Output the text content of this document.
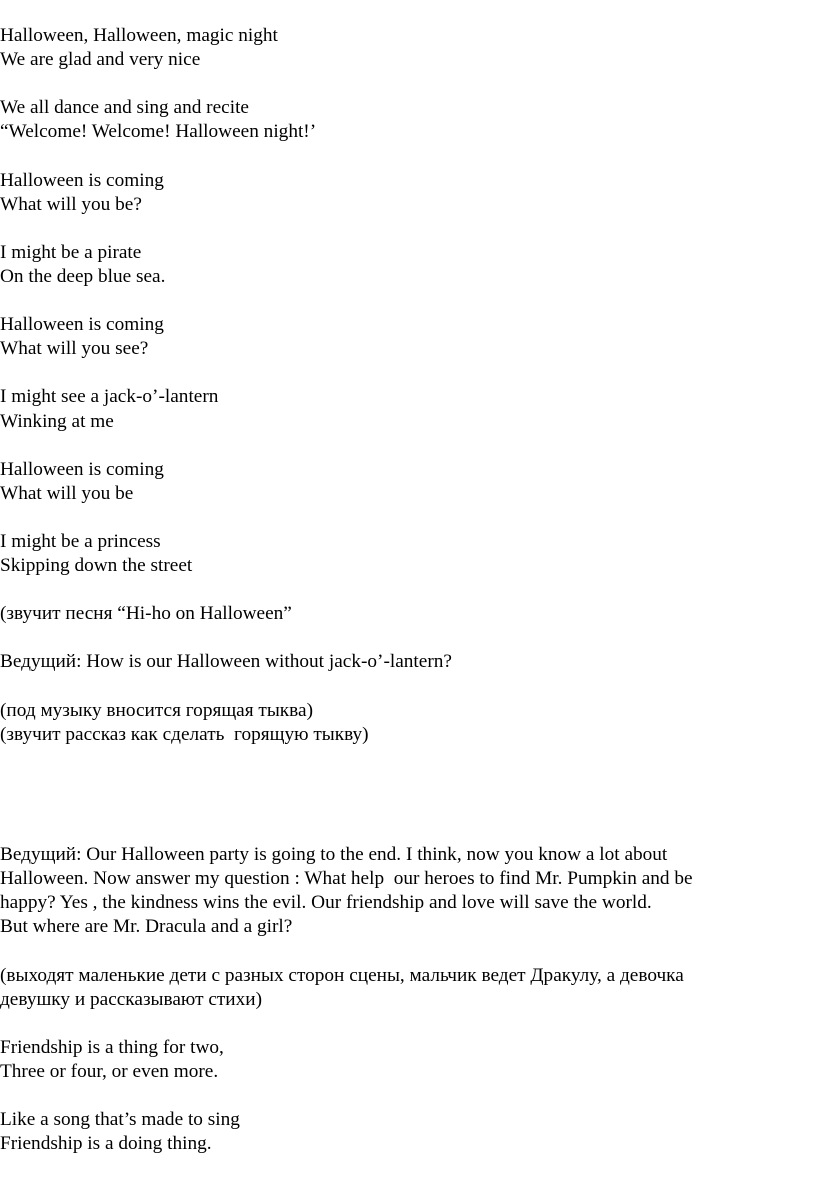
Halloween, Halloween, magic night
We are glad and very nice
We all dance and sing and recite
“Welcome! Welcome! Halloween night!’
Halloween is coming
What will you be?
I might be a pirate
On the deep blue sea.
Halloween is coming
What will you see?
I might see a jack-o’-lantern
Winking at me
Halloween is coming
What will you be
I might be a princess
Skipping down the street
(звучит песня “Hi-ho on Halloween”
Ведущий: How is our Halloween without jack-o’-lantern?
(под музыку вносится горящая тыква)
(звучит рассказ как сделать  горящую тыкву)
Ведущий: Our Halloween party is going to the end. I think, now you know a lot about
Halloween. Now answer my question : What help  our heroes to find Mr. Pumpkin and be
happy? Yes , the kindness wins the evil. Our friendship and love will save the world.
But where are Mr. Dracula and a girl?
(выходят маленькие дети с разных сторон сцены, мальчик ведет Дракулу, а девочка
девушку и рассказывают стихи)
Friendship is a thing for two,
Three or four, or even more.
Like a song that’s made to sing
Friendship is a doing thing.
